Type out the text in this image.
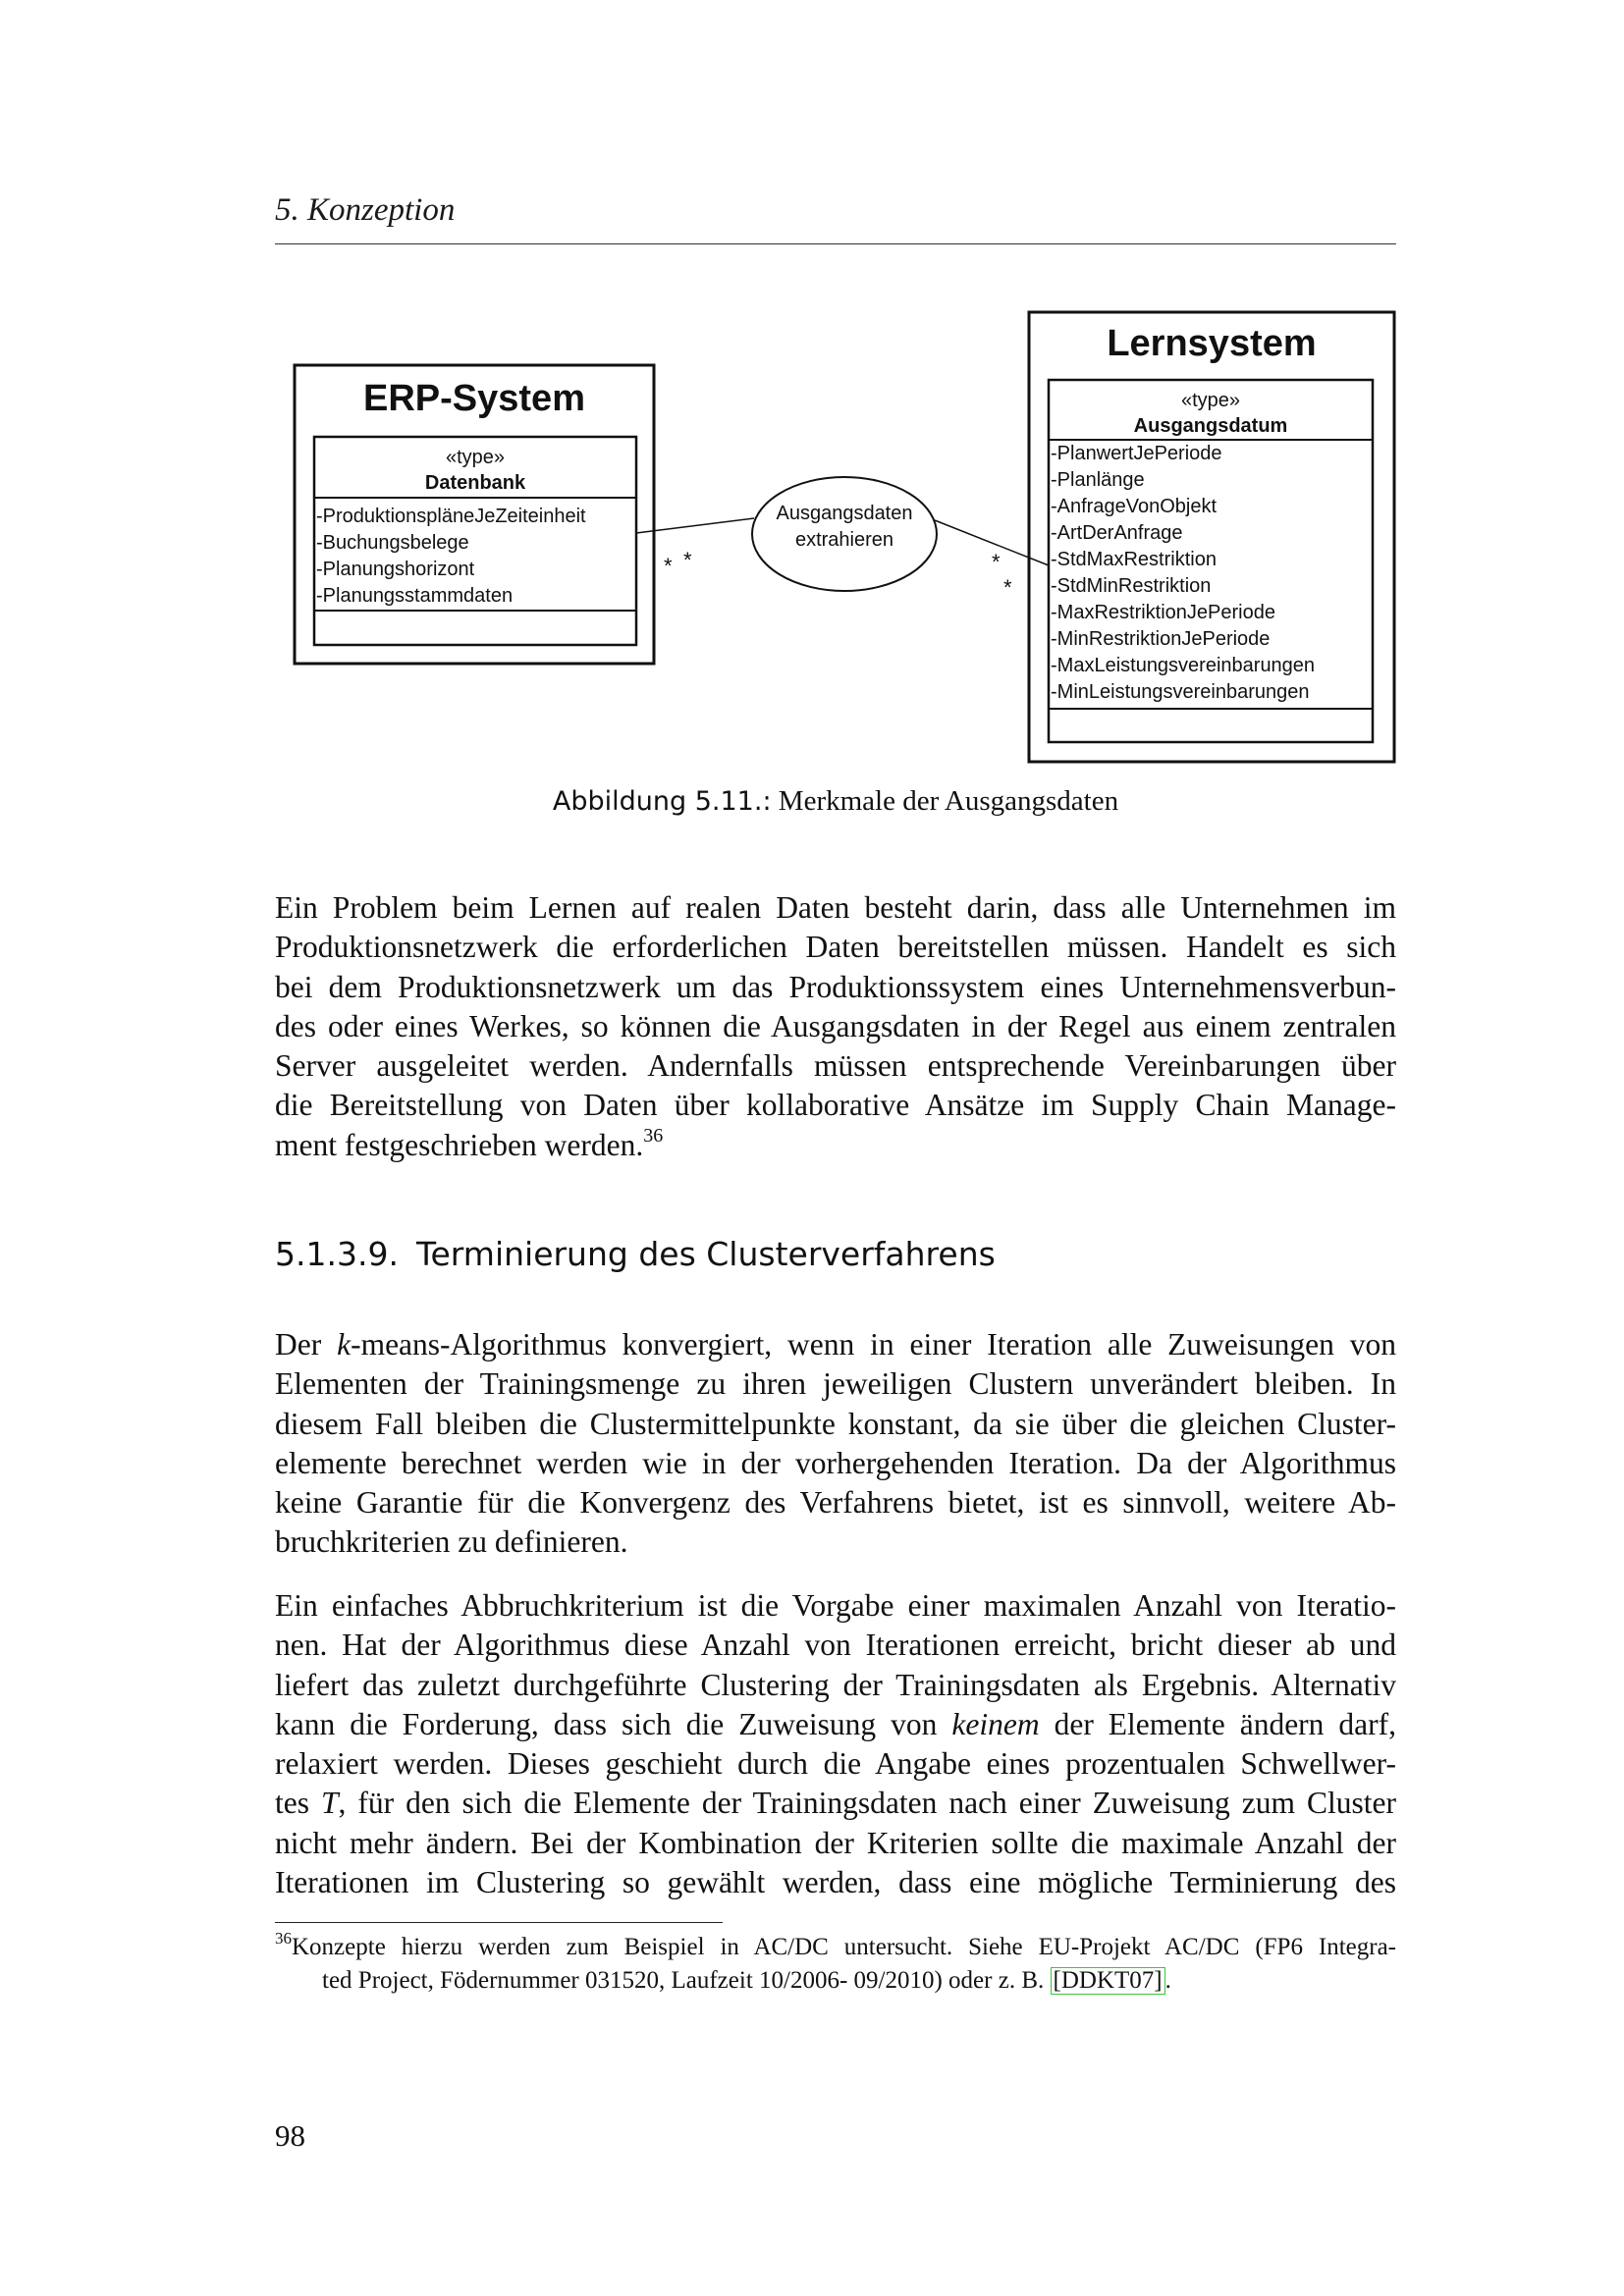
5. Konzeption
ERP-System
«type»
Datenbank
-ProduktionspläneJeZeiteinheit
-Buchungsbelege
-Planungshorizont
-Planungsstammdaten
Ausgangsdaten
extrahieren
* *	*
*
Lernsystem
«type»
Ausgangsdatum
-PlanwertJePeriode
-Planlänge
-AnfrageVonObjekt
-ArtDerAnfrage
-StdMaxRestriktion
-StdMinRestriktion
-MaxRestriktionJePeriode
-MinRestriktionJePeriode
-MaxLeistungsvereinbarungen
-MinLeistungsvereinbarungen
Abbildung 5.11.: Merkmale der Ausgangsdaten
Ein Problem beim Lernen auf realen Daten besteht darin, dass alle Unternehmen im
Produktionsnetzwerk die erforderlichen Daten bereitstellen müssen. Handelt es sich
bei dem Produktionsnetzwerk um das Produktionssystem eines Unternehmensverbun-
des oder eines Werkes, so können die Ausgangsdaten in der Regel aus einem zentralen
Server ausgeleitet werden. Andernfalls müssen entsprechende Vereinbarungen über
die Bereitstellung von Daten über kollaborative Ansätze im Supply Chain Manage-
ment festgeschrieben werden.$^{36}$
5.1.3.9. Terminierung des Clusterverfahrens
Der k-means-Algorithmus konvergiert, wenn in einer Iteration alle Zuweisungen von
Elementen der Trainingsmenge zu ihren jeweiligen Clustern unverändert bleiben. In
diesem Fall bleiben die Clustermittelpunkte konstant, da sie über die gleichen Cluster-
elemente berechnet werden wie in der vorhergehenden Iteration. Da der Algorithmus
keine Garantie für die Konvergenz des Verfahrens bietet, ist es sinnvoll, weitere Ab-
bruchkriterien zu definieren.
Ein einfaches Abbruchkriterium ist die Vorgabe einer maximalen Anzahl von Iteratio-
nen. Hat der Algorithmus diese Anzahl von Iterationen erreicht, bricht dieser ab und
liefert das zuletzt durchgeführte Clustering der Trainingsdaten als Ergebnis. Alternativ
kann die Forderung, dass sich die Zuweisung von keinem der Elemente ändern darf,
relaxiert werden. Dieses geschieht durch die Angabe eines prozentualen Schwellwer-
tes T, für den sich die Elemente der Trainingsdaten nach einer Zuweisung zum Cluster
nicht mehr ändern. Bei der Kombination der Kriterien sollte die maximale Anzahl der
Iterationen im Clustering so gewählt werden, dass eine mögliche Terminierung des
$^{36}$Konzepte hierzu werden zum Beispiel in AC/DC untersucht. Siehe EU-Projekt AC/DC (FP6 Integra-
ted Project, Födernummer 031520, Laufzeit 10/2006- 09/2010) oder z. B. [DDKT07] .
98
